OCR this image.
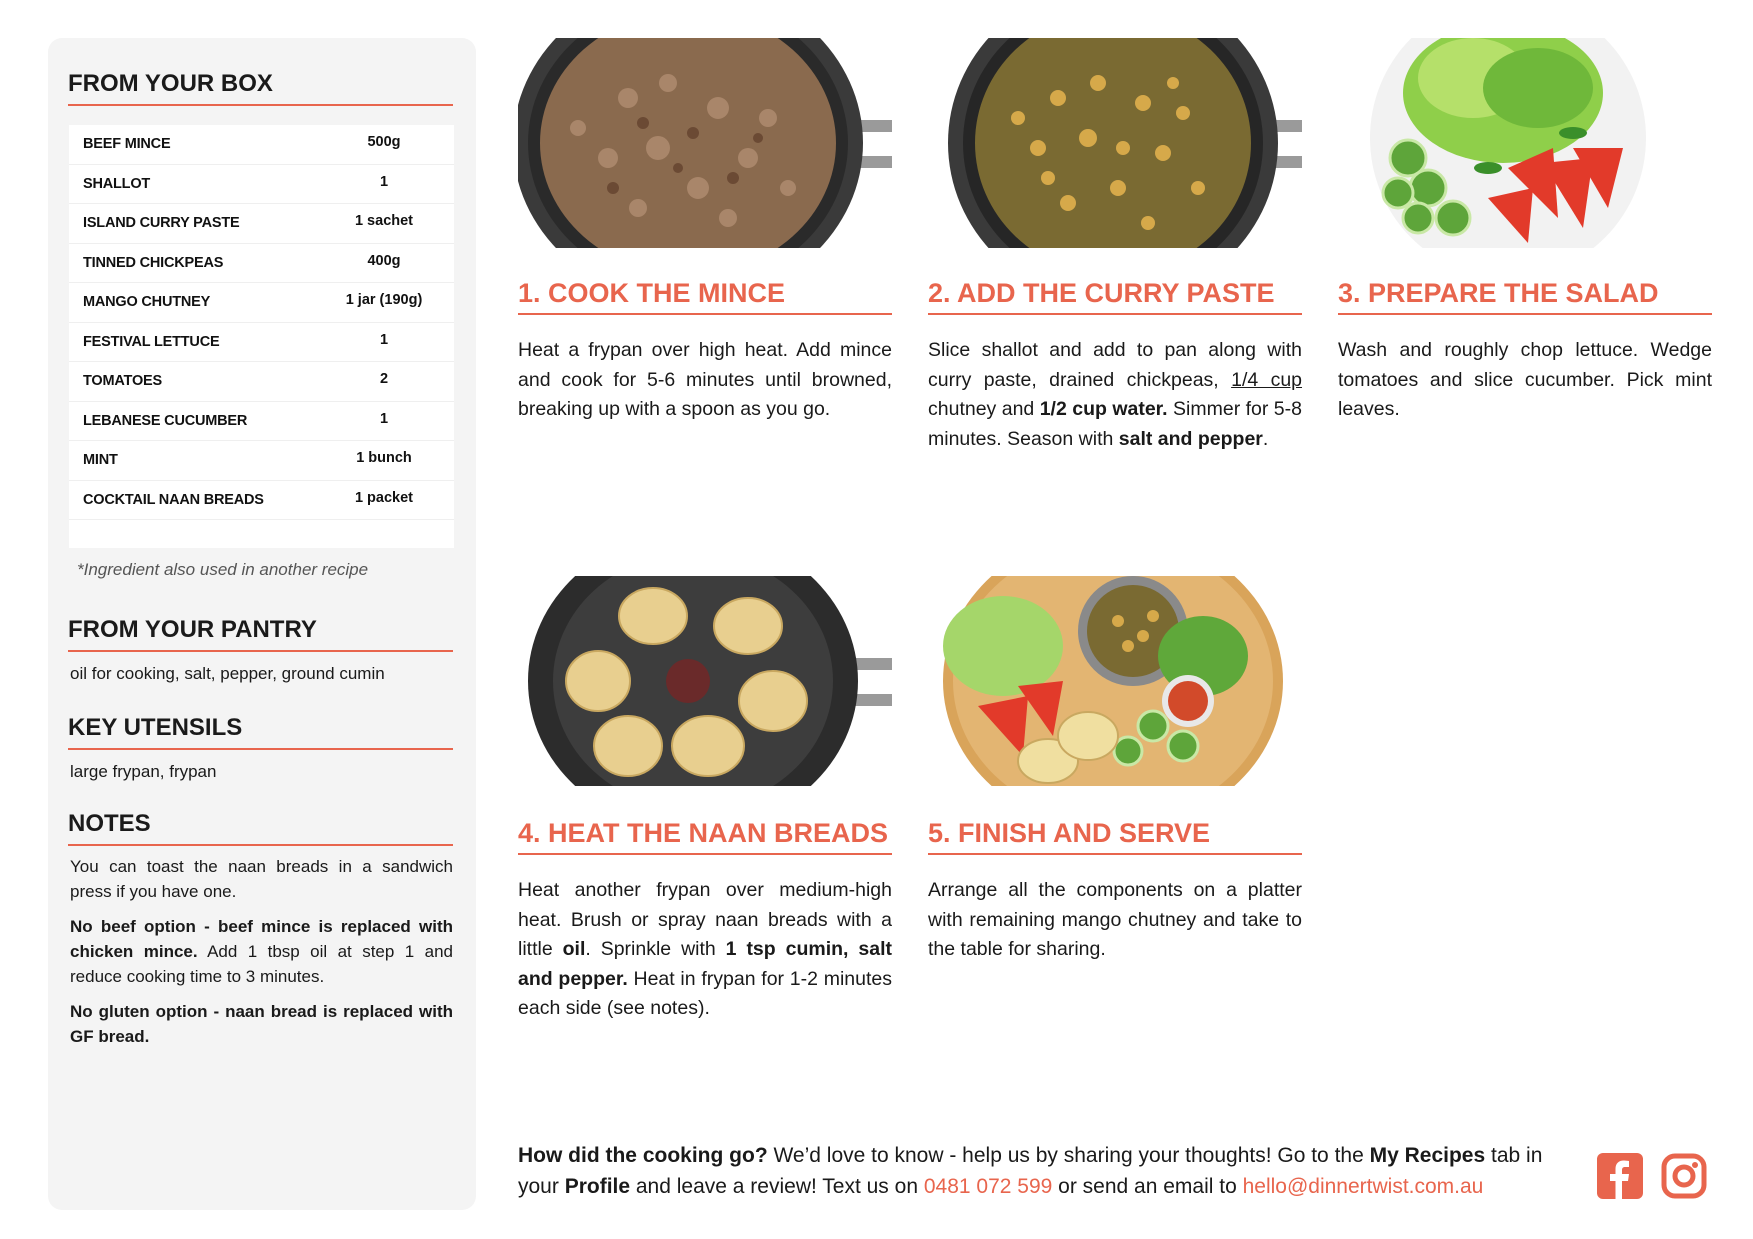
FROM YOUR BOX
BEEF MINCE	500g
SHALLOT	1
ISLAND CURRY PASTE	1 sachet
TINNED CHICKPEAS	400g
MANGO CHUTNEY	1 jar (190g)
FESTIVAL LETTUCE	1
TOMATOES	2
LEBANESE CUCUMBER	1
MINT	1 bunch
COCKTAIL NAAN BREADS	1 packet
*Ingredient also used in another recipe
FROM YOUR PANTRY
oil for cooking, salt, pepper, ground cumin
KEY UTENSILS
large frypan, frypan
NOTES

You can toast the naan breads in a sandwich press if you have one.

No beef option - beef mince is replaced with chicken mince. Add 1 tbsp oil at step 1 and reduce cooking time to 3 minutes.

No gluten option - naan bread is replaced with GF bread.

1. COOK THE MINCE
Heat a frypan over high heat. Add mince and cook for 5-6 minutes until browned, breaking up with a spoon as you go.
2. ADD THE CURRY PASTE
Slice shallot and add to pan along with curry paste, drained chickpeas, 1/4 cup chutney and 1/2 cup water. Simmer for 5-8 minutes. Season with salt and pepper.
3. PREPARE THE SALAD
Wash and roughly chop lettuce. Wedge tomatoes and slice cucumber. Pick mint leaves.
4. HEAT THE NAAN BREADS
Heat another frypan over medium-high heat. Brush or spray naan breads with a little oil. Sprinkle with 1 tsp cumin, salt and pepper. Heat in frypan for 1-2 minutes each side (see notes).
5. FINISH AND SERVE
Arrange all the components on a platter with remaining mango chutney and take to the table for sharing.
How did the cooking go? We’d love to know - help us by sharing your thoughts! Go to the My Recipes tab in your Profile and leave a review! Text us on 0481 072 599 or send an email to hello@dinnertwist.com.au
